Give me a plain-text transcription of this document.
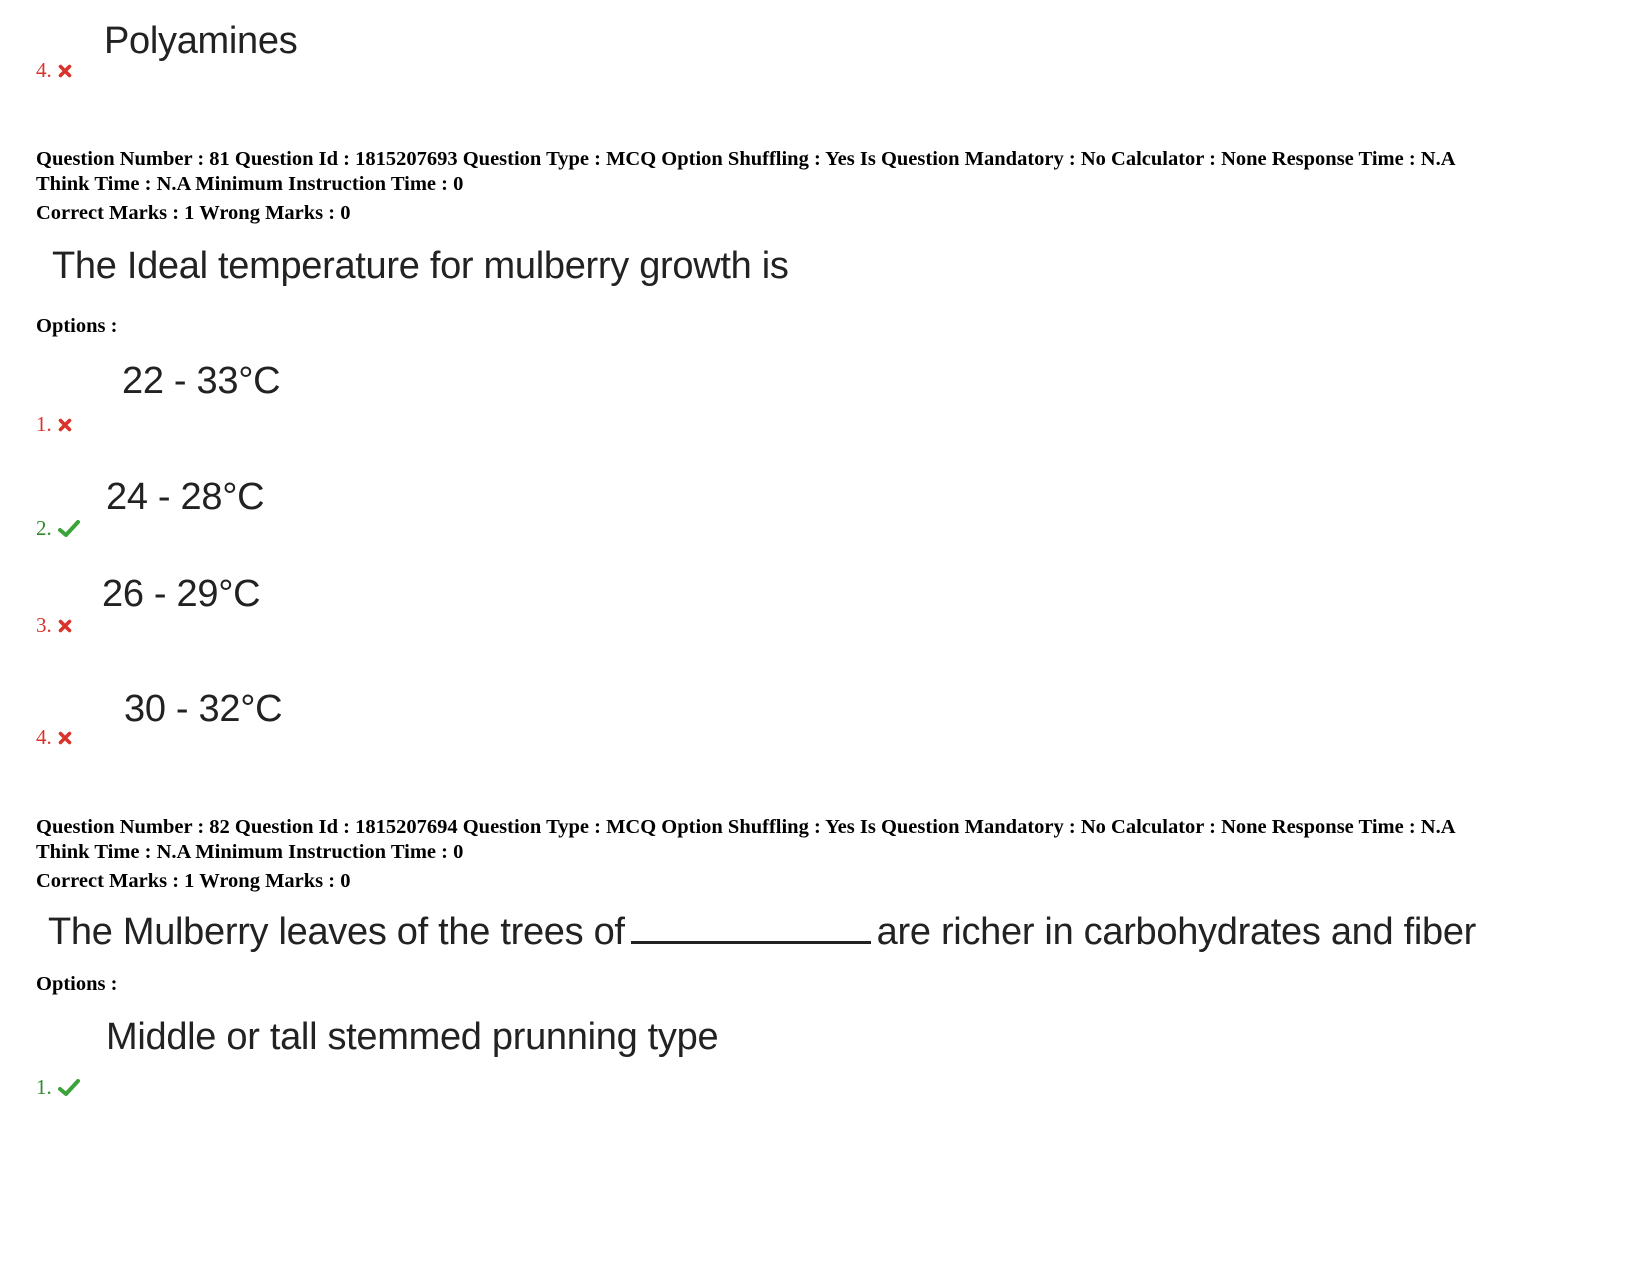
Polyamines
4.
Question Number : 81 Question Id : 1815207693 Question Type : MCQ Option Shuffling : Yes Is Question Mandatory : No Calculator : None Response Time : N.A
Think Time : N.A Minimum Instruction Time : 0
Correct Marks : 1 Wrong Marks : 0
The Ideal temperature for mulberry growth is
Options :
22 - 33°C
1.
24 - 28°C
2.
26 - 29°C
3.
30 - 32°C
4.
Question Number : 82 Question Id : 1815207694 Question Type : MCQ Option Shuffling : Yes Is Question Mandatory : No Calculator : None Response Time : N.A
Think Time : N.A Minimum Instruction Time : 0
Correct Marks : 1 Wrong Marks : 0
The Mulberry leaves of the trees of	are richer in carbohydrates and fiber
Options :
Middle or tall stemmed prunning type
1.
